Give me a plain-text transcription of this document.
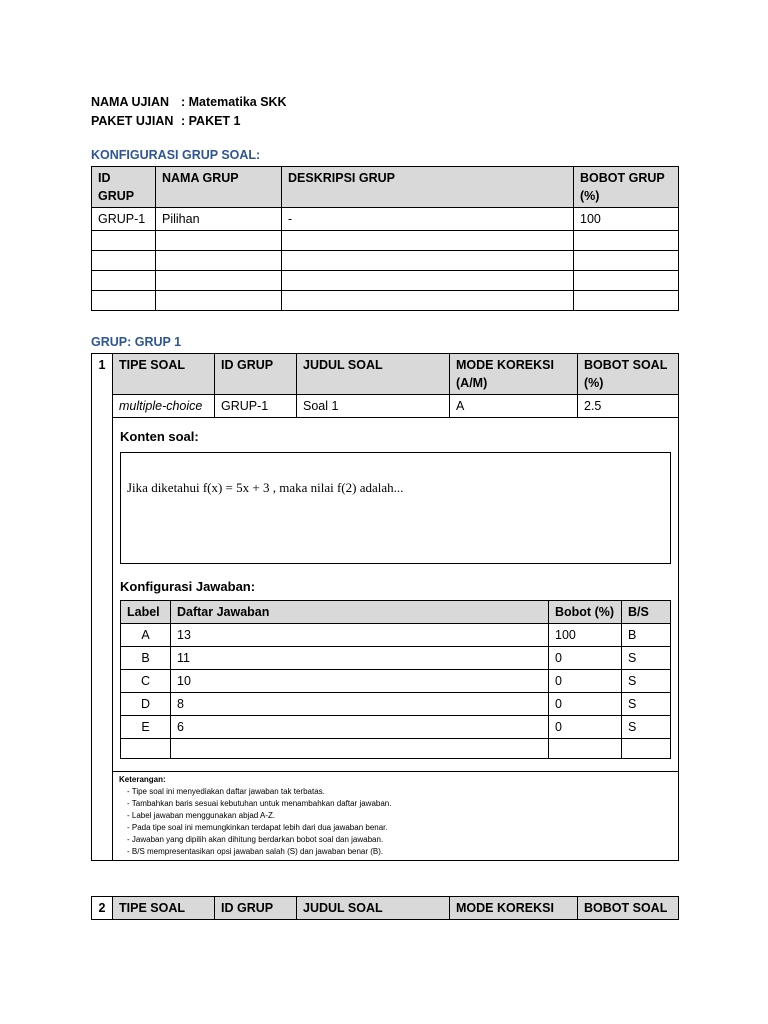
NAMA UJIAN : Matematika SKK
PAKET UJIAN : PAKET 1
KONFIGURASI GRUP SOAL:
ID GRUP	NAMA GRUP	DESKRIPSI GRUP	BOBOT GRUP (%)
GRUP-1	Pilihan	-	100

GRUP: GRUP 1
1	TIPE SOAL	ID GRUP	JUDUL SOAL	MODE KOREKSI (A/M)	BOBOT SOAL (%)
multiple-choice	GRUP-1	Soal 1	A	2.5

Konten soal:
Jika diketahui f(x) = 5x + 3 , maka nilai f(2) adalah...
Konfigurasi Jawaban:
Label	Daftar Jawaban	Bobot (%)	B/S
A	13	100	B
B	11	0	S
C	10	0	S
D	8	0	S
E	6	0	S

Keterangan:
- Tipe soal ini menyediakan daftar jawaban tak terbatas.
- Tambahkan baris sesuai kebutuhan untuk menambahkan daftar jawaban.
- Label jawaban menggunakan abjad A-Z.
- Pada tipe soal ini memungkinkan terdapat lebih dari dua jawaban benar.
- Jawaban yang dipilih akan dihitung berdarkan bobot soal dan jawaban.
- B/S mempresentasikan opsi jawaban salah (S) dan jawaban benar (B).
2	TIPE SOAL	ID GRUP	JUDUL SOAL	MODE KOREKSI	BOBOT SOAL
